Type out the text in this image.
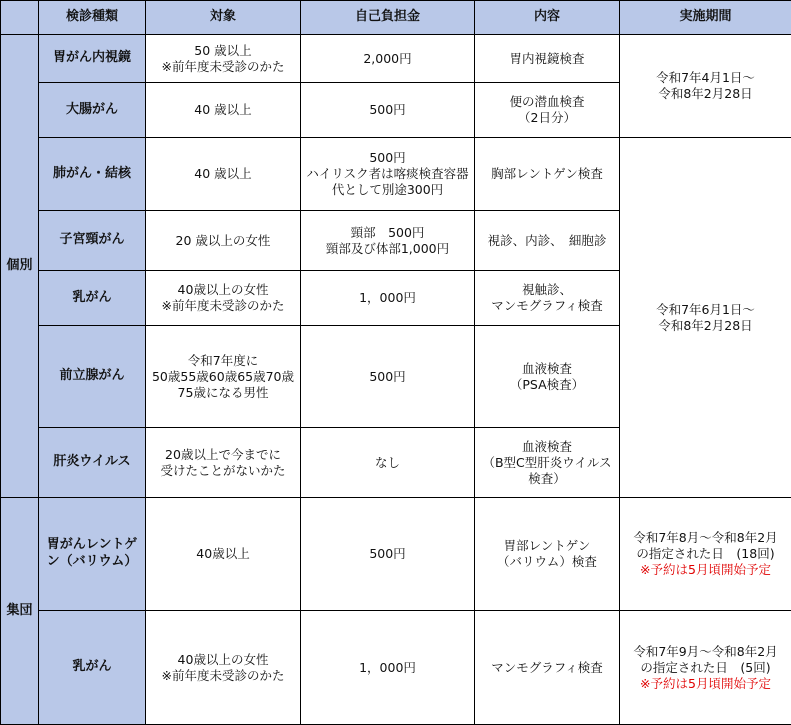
	検診種類	対象	自己負担金	内容	実施期間
個別	胃がん内視鏡	50 歳以上
※前年度未受診のかた	2,000円	胃内視鏡検査	令和7年4月1日～
令和8年2月28日

	大腸がん	40 歳以上	500円	便の潜血検査
（2日分）	

	肺がん・結核	40 歳以上	500円
ハイリスク者は喀痰検査容器代として別途300円	胸部レントゲン検査	令和7年6月1日～
令和8年2月28日

	子宮頸がん	20 歳以上の女性	頸部　500円
頸部及び体部1,000円	視診、内診、　細胞診	

	乳がん	40歳以上の女性
※前年度未受診のかた	1，000円	視触診、
マンモグラフィ検査	

	前立腺がん	令和7年度に
50歳55歳60歳65歳70歳
75歳になる男性	500円	血液検査
（PSA検査）	

	肝炎ウイルス	20歳以上で今までに
受けたことがないかた	なし	血液検査
（B型C型肝炎ウイルス検査）	

集団	胃がんレントゲン（バリウム）	40歳以上	500円	胃部レントゲン
（バリウム）検査	令和7年8月～令和8年2月
の指定された日　(18回)
※予約は5月頃開始予定

	乳がん	40歳以上の女性
※前年度未受診のかた	1，000円	マンモグラフィ検査	令和7年9月～令和8年2月
の指定された日　(5回)
※予約は5月頃開始予定
